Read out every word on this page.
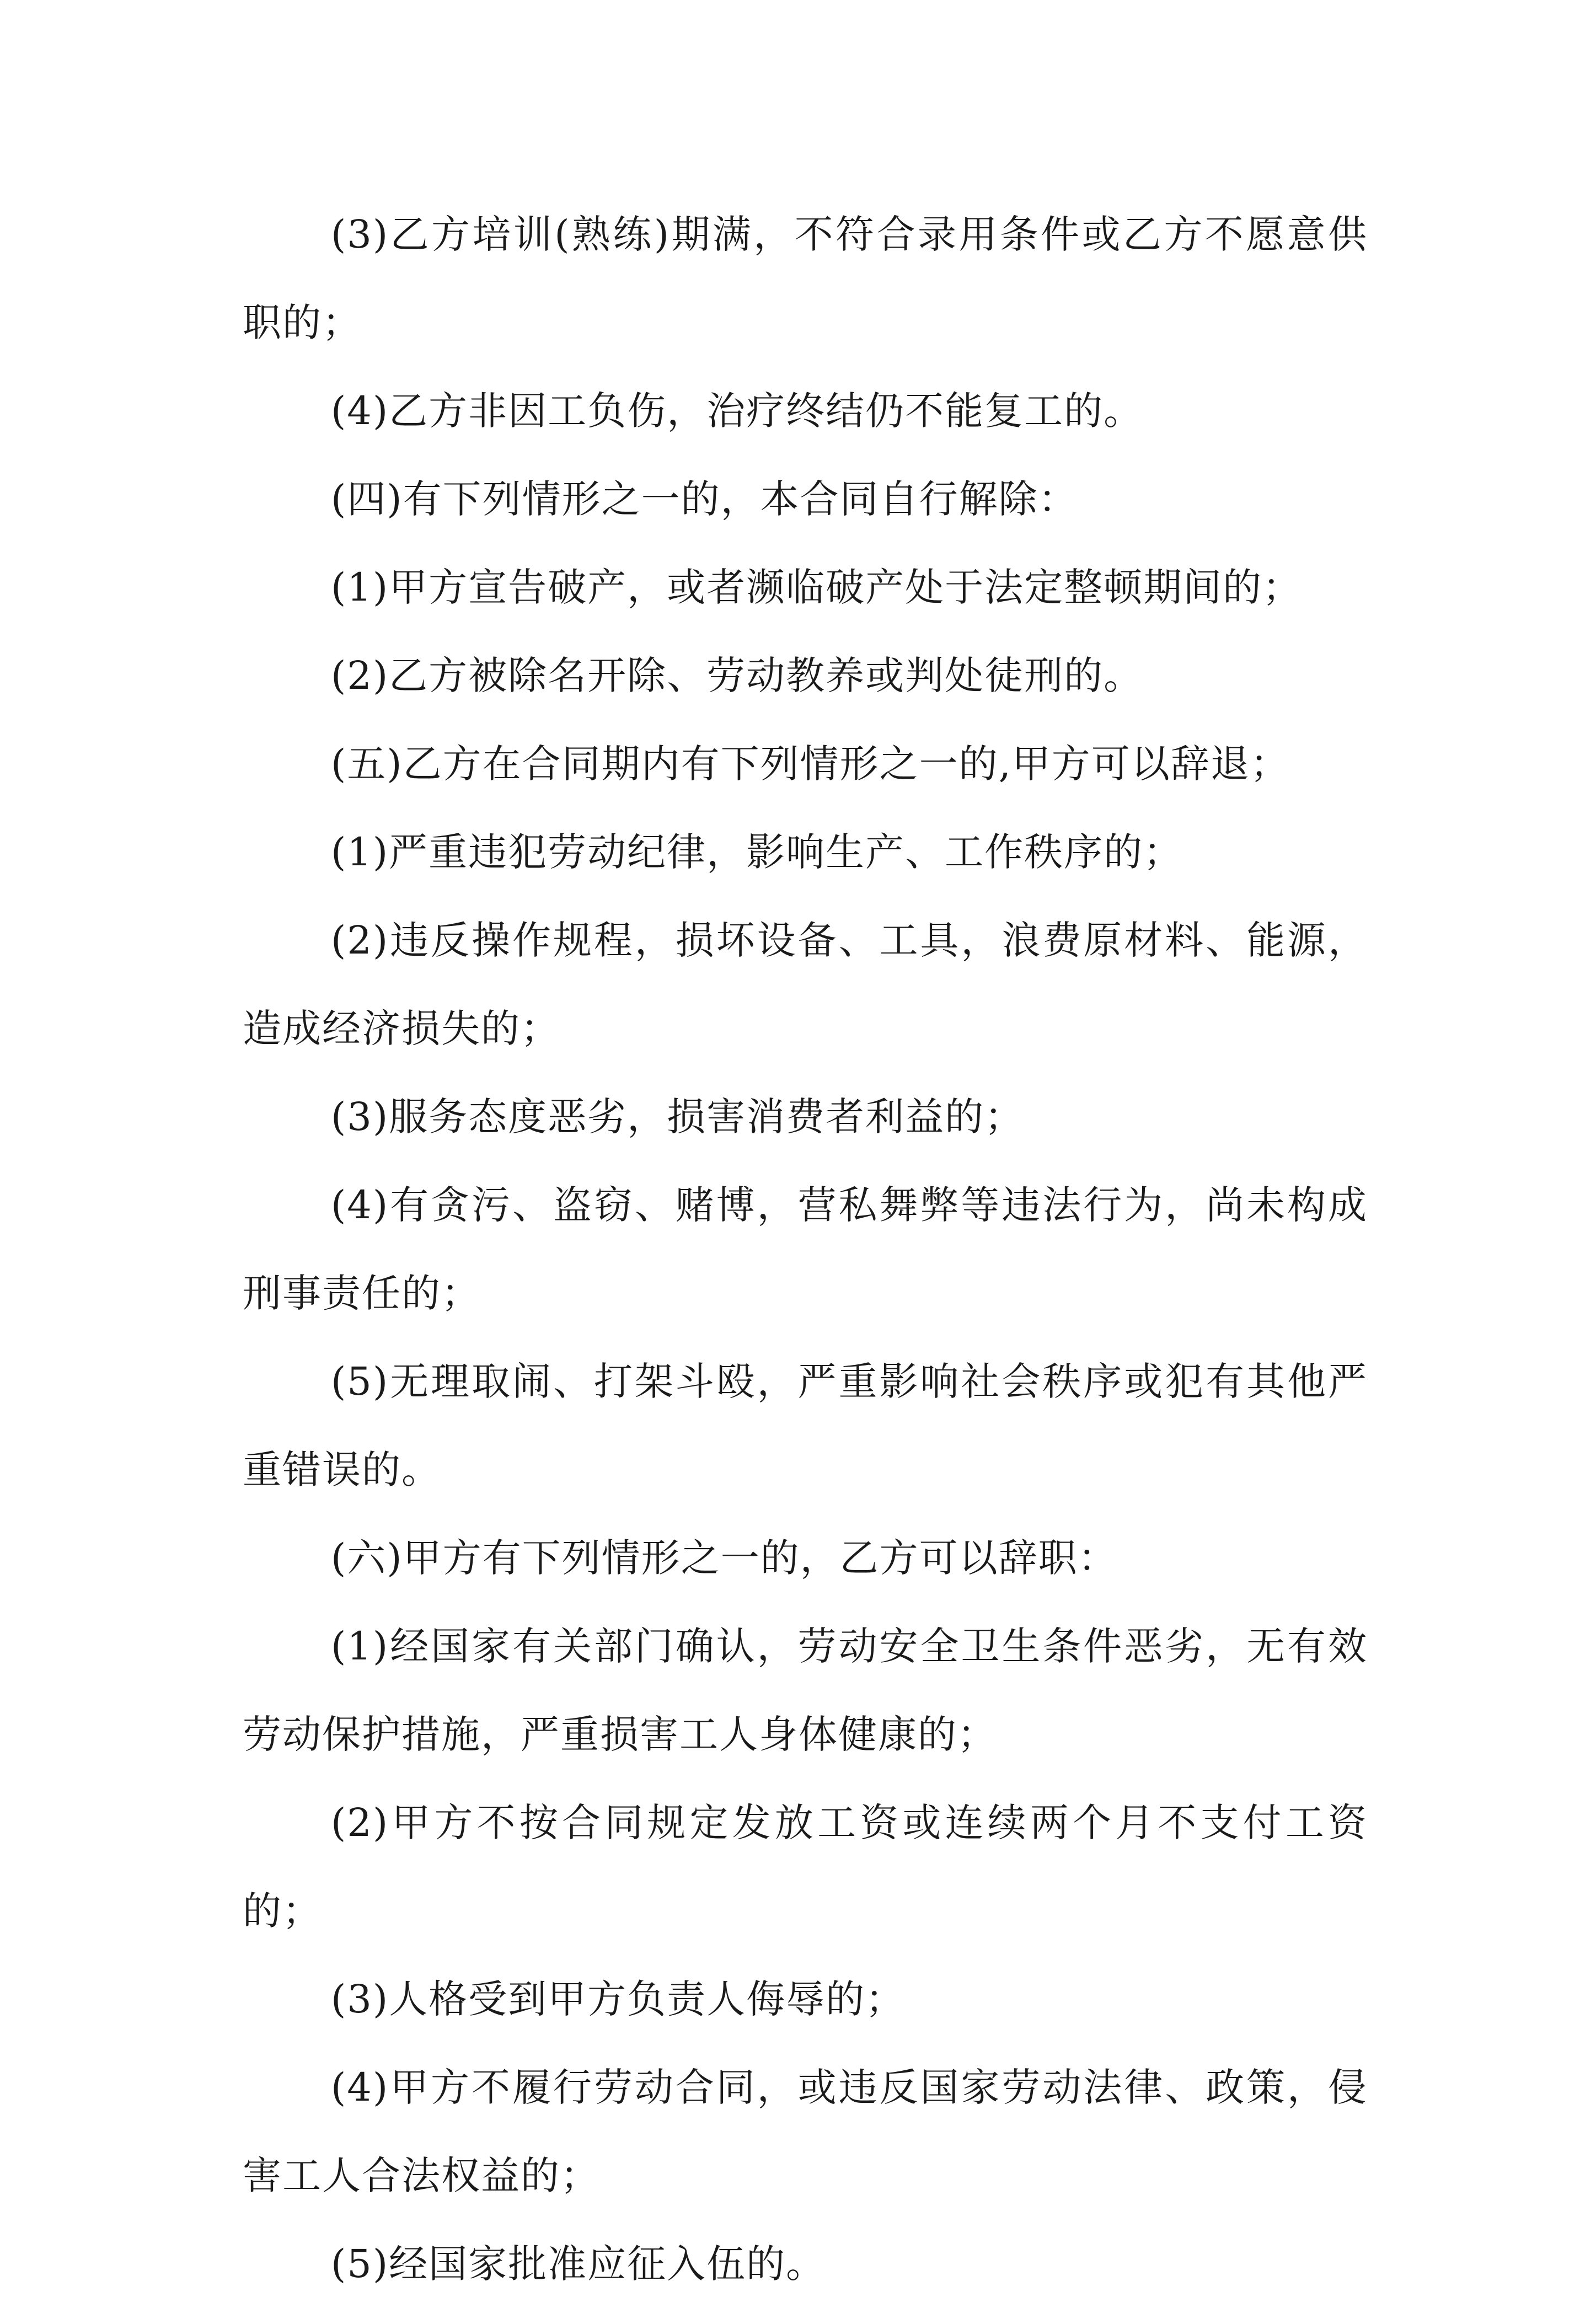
(3)乙方培训(熟练)期满，不符合录用条件或乙方不愿意供职的；

(4)乙方非因工负伤，治疗终结仍不能复工的。

(四)有下列情形之一的，本合同自行解除：

(1)甲方宣告破产，或者濒临破产处于法定整顿期间的；

(2)乙方被除名开除、劳动教养或判处徒刑的。

(五)乙方在合同期内有下列情形之一的,甲方可以辞退；

(1)严重违犯劳动纪律，影响生产、工作秩序的；

(2)违反操作规程，损坏设备、工具，浪费原材料、能源，造成经济损失的；

(3)服务态度恶劣，损害消费者利益的；

(4)有贪污、盗窃、赌博，营私舞弊等违法行为，尚未构成刑事责任的；

(5)无理取闹、打架斗殴，严重影响社会秩序或犯有其他严重错误的。

(六)甲方有下列情形之一的，乙方可以辞职：

(1)经国家有关部门确认，劳动安全卫生条件恶劣，无有效劳动保护措施，严重损害工人身体健康的；

(2)甲方不按合同规定发放工资或连续两个月不支付工资的；

(3)人格受到甲方负责人侮辱的；

(4)甲方不履行劳动合同，或违反国家劳动法律、政策，侵害工人合法权益的；

(5)经国家批准应征入伍的。
